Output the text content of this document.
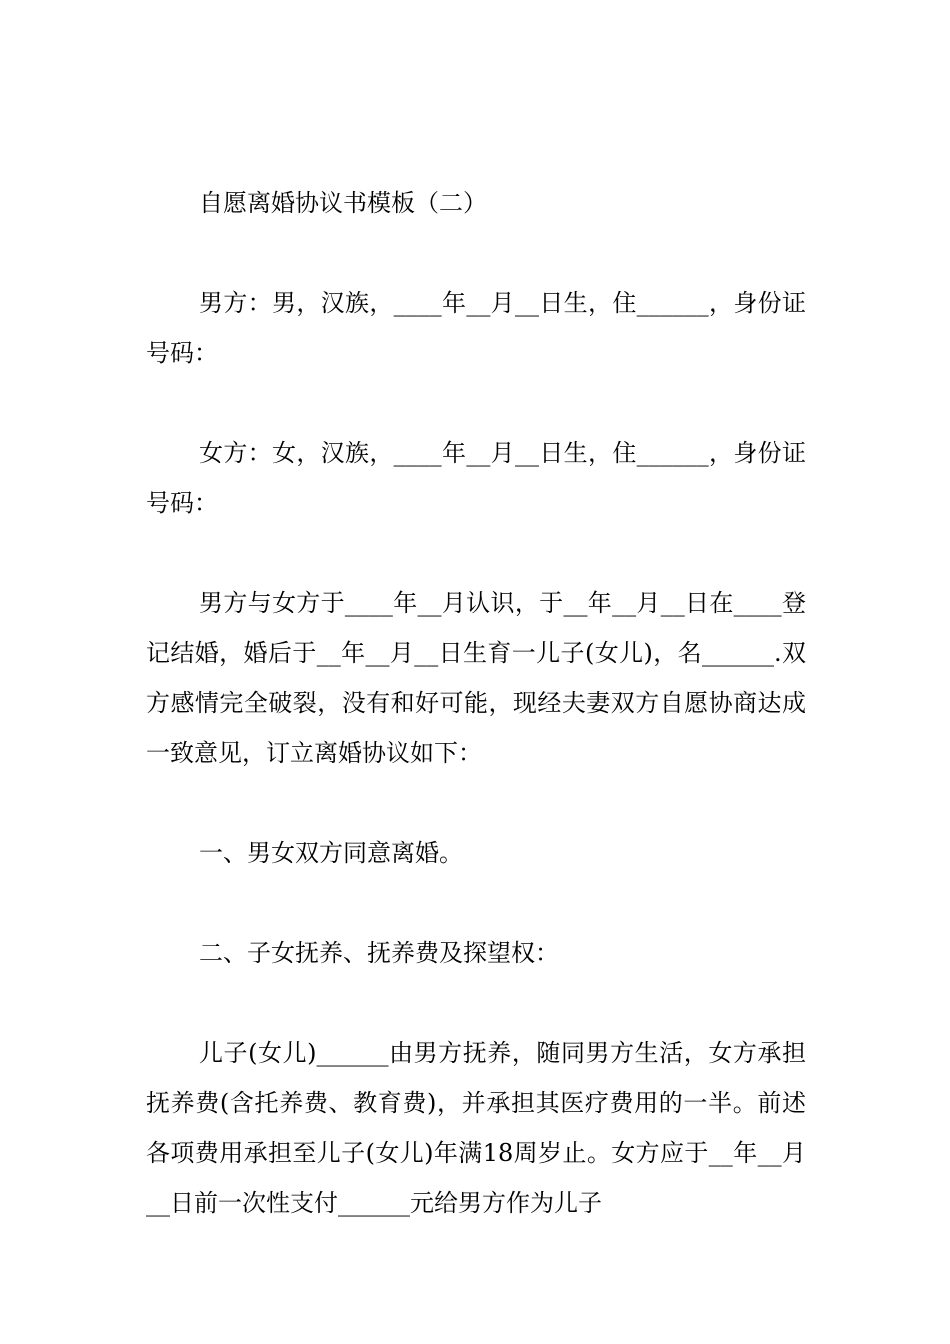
自愿离婚协议书模板（二）

男方：男，汉族，____年__月__日生，住______，身份证号码：

女方：女，汉族，____年__月__日生，住______，身份证号码：

男方与女方于____年__月认识，于__年__月__日在____登记结婚，婚后于__年__月__日生育一儿子(女儿)，名______.双方感情完全破裂，没有和好可能，现经夫妻双方自愿协商达成一致意见，订立离婚协议如下：

一、男女双方同意离婚。

二、子女抚养、抚养费及探望权：

儿子(女儿)______由男方抚养，随同男方生活，女方承担抚养费(含托养费、教育费)，并承担其医疗费用的一半。前述各项费用承担至儿子(女儿)年满18周岁止。女方应于__年__月__日前一次性支付______元给男方作为儿子
